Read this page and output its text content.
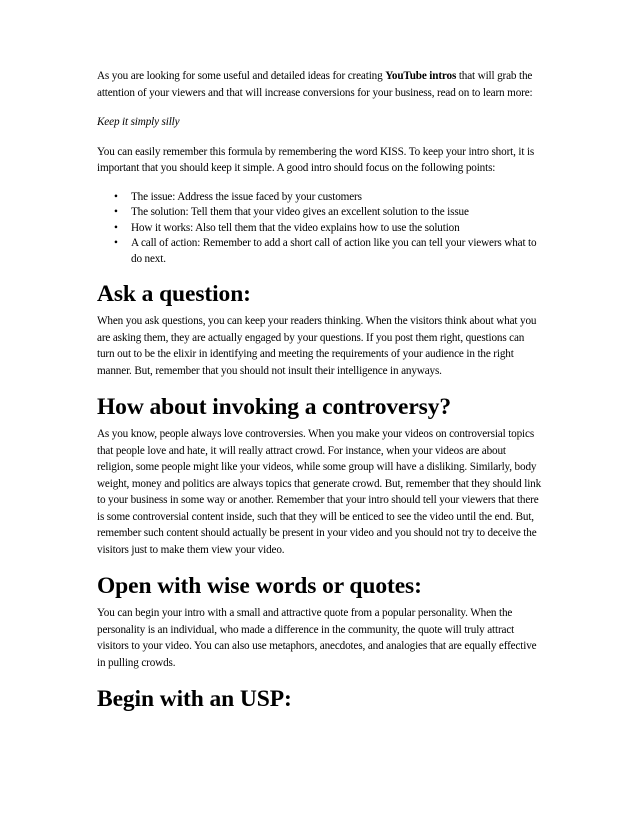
As you are looking for some useful and detailed ideas for creating YouTube intros that will grab the attention of your viewers and that will increase conversions for your business, read on to learn more:

Keep it simply silly

You can easily remember this formula by remembering the word KISS. To keep your intro short, it is important that you should keep it simple. A good intro should focus on the following points:

• The issue: Address the issue faced by your customers
• The solution: Tell them that your video gives an excellent solution to the issue
• How it works: Also tell them that the video explains how to use the solution
• A call of action: Remember to add a short call of action like you can tell your viewers what to do next.
Ask a question:

When you ask questions, you can keep your readers thinking. When the visitors think about what you are asking them, they are actually engaged by your questions. If you post them right, questions can turn out to be the elixir in identifying and meeting the requirements of your audience in the right manner. But, remember that you should not insult their intelligence in anyways.

How about invoking a controversy?

As you know, people always love controversies. When you make your videos on controversial topics that people love and hate, it will really attract crowd. For instance, when your videos are about religion, some people might like your videos, while some group will have a disliking. Similarly, body weight, money and politics are always topics that generate crowd. But, remember that they should link to your business in some way or another. Remember that your intro should tell your viewers that there is some controversial content inside, such that they will be enticed to see the video until the end. But, remember such content should actually be present in your video and you should not try to deceive the visitors just to make them view your video.

Open with wise words or quotes:

You can begin your intro with a small and attractive quote from a popular personality. When the personality is an individual, who made a difference in the community, the quote will truly attract visitors to your video. You can also use metaphors, anecdotes, and analogies that are equally effective in pulling crowds.

Begin with an USP:
